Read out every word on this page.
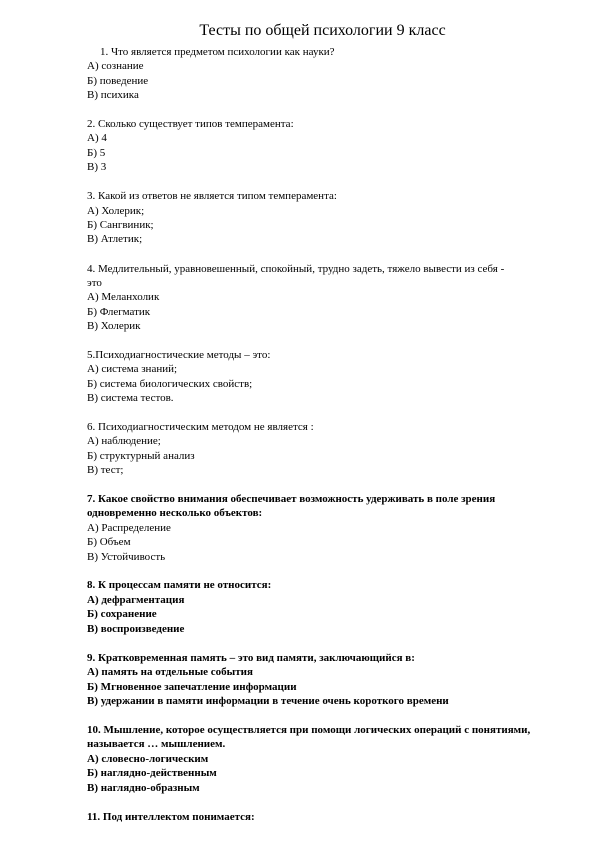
Тесты по общей психологии 9 класс
1. Что является предметом психологии как науки?
А) сознание
Б) поведение
В) психика
2. Сколько существует типов темперамента:
А) 4
Б) 5
В) 3
3. Какой из ответов не является типом темперамента:
А) Холерик;
Б) Сангвиник;
В) Атлетик;
4. Медлительный, уравновешенный, спокойный, трудно задеть, тяжело вывести из себя -
это
А) Меланхолик
Б) Флегматик
В) Холерик
5.Психодиагностические методы – это:
А) система знаний;
Б) система биологических свойств;
В) система тестов.
6. Психодиагностическим методом не является :
А) наблюдение;
Б) структурный анализ
В) тест;
7. Какое свойство внимания обеспечивает возможность удерживать в поле зрения
одновременно несколько объектов:
А) Распределение
Б) Объем
В) Устойчивость
8. К процессам памяти не относится:
А) дефрагментация
Б) сохранение
В) воспроизведение
9. Кратковременная память – это вид памяти, заключающийся в:
А) память на отдельные события
Б) Мгновенное запечатление информации
В) удержании в памяти информации в течение очень короткого времени
10. Мышление, которое осуществляется при помощи логических операций с понятиями,
называется … мышлением.
А) словесно-логическим
Б) наглядно-действенным
В) наглядно-образным
11. Под интеллектом понимается:
